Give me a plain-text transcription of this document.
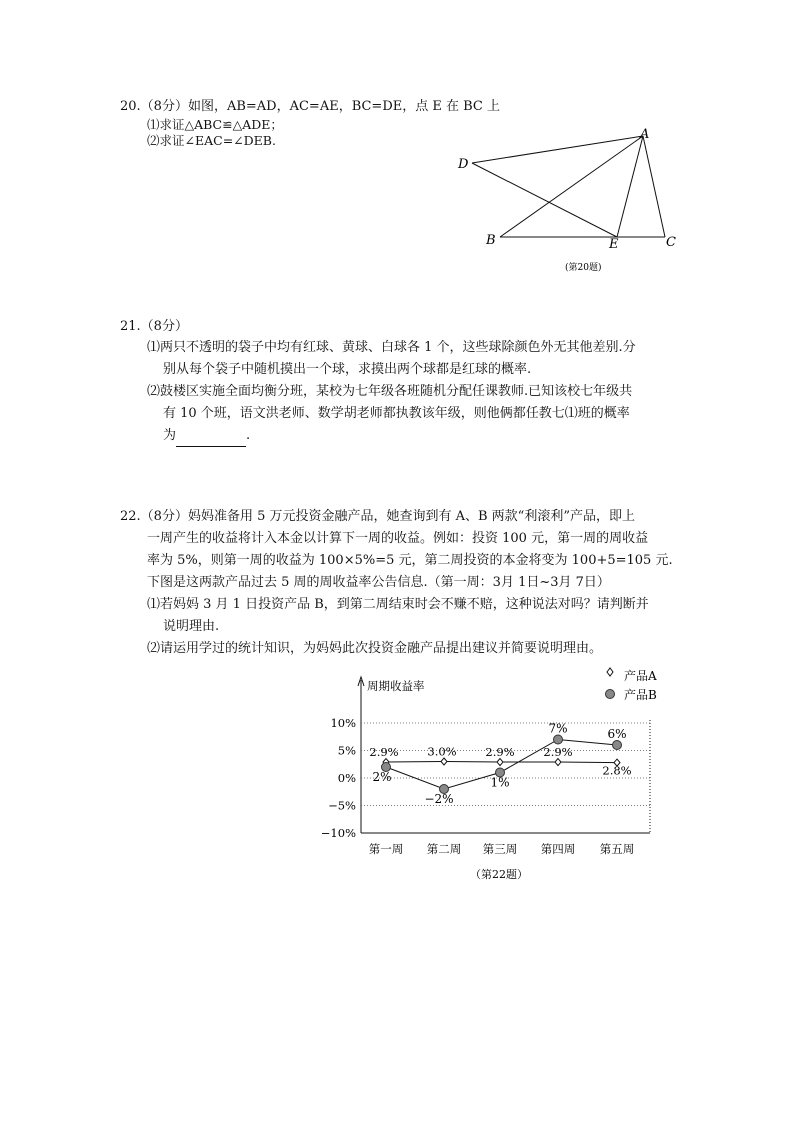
20.（8分）如图，AB=AD，AC=AE，BC=DE，点 E 在 BC 上
⑴求证△ABC≌△ADE；
⑵求证∠EAC=∠DEB.	A
D
B	E	C
(第20题)
21.（8分）
⑴两只不透明的袋子中均有红球、黄球、白球各 1 个，这些球除颜色外无其他差别.分
别从每个袋子中随机摸出一个球，求摸出两个球都是红球的概率.
⑵鼓楼区实施全面均衡分班，某校为七年级各班随机分配任课教师.已知该校七年级共
有 10 个班，语文洪老师、数学胡老师都执教该年级，则他俩都任教七⑴班的概率
为	.
22.（8分）妈妈准备用 5 万元投资金融产品，她查询到有 A、B 两款“利滚利”产品，即上
一周产生的收益将计入本金以计算下一周的收益。例如：投资 100 元，第一周的周收益
率为 5%，则第一周的收益为 100×5%=5 元，第二周投资的本金将变为 100+5=105 元.
下图是这两款产品过去 5 周的周收益率公告信息.（第一周：3月 1日~3月 7日）
⑴若妈妈 3 月 1 日投资产品 B，到第二周结束时会不赚不赔，这种说法对吗？请判断并
说明理由.
⑵请运用学过的统计知识，为妈妈此次投资金融产品提出建议并简要说明理由。
10%
5%
0%
−5%
−10%
第一周 第二周 第三周 第四周 第五周
2.9%	3.0%	2.9%	2.9%
2.8%
2%
−2%
1%
7%	6%
周期收益率
产品A
产品B
（第22题）
